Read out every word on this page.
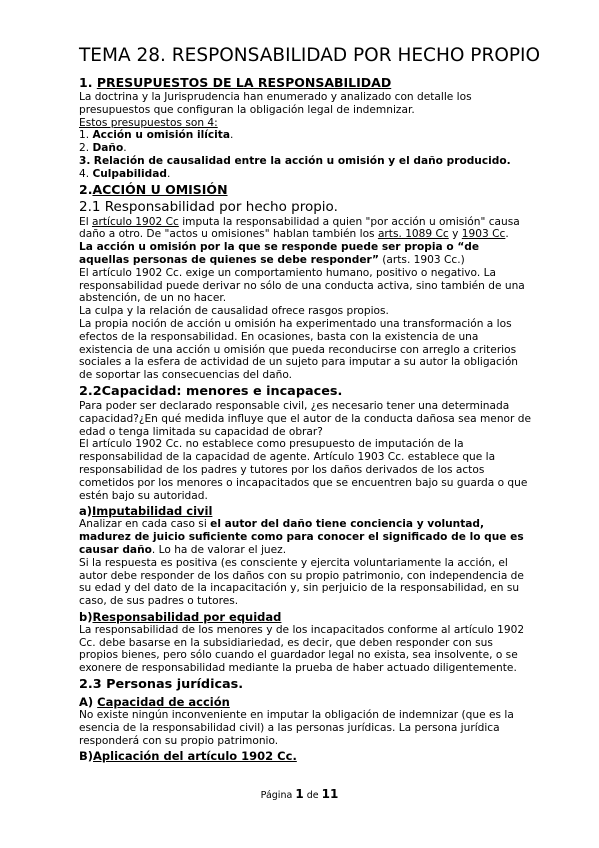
TEMA 28. RESPONSABILIDAD POR HECHO PROPIO
1. PRESUPUESTOS DE LA RESPONSABILIDAD

La doctrina y la Jurisprudencia han enumerado y analizado con detalle los presupuestos que configuran la obligación legal de indemnizar.

Estos presupuestos son 4:

1. Acción u omisión ilícita.

2. Daño.

3. Relación de causalidad entre la acción u omisión y el daño producido.

4. Culpabilidad.

2.ACCIÓN U OMISIÓN
2.1 Responsabilidad por hecho propio.

El artículo 1902 Cc imputa la responsabilidad a quien "por acción u omisión" causa daño a otro. De "actos u omisiones" hablan también los arts. 1089 Cc y 1903 Cc.

La acción u omisión por la que se responde puede ser propia o “de aquellas personas de quienes se debe responder” (arts. 1903 Cc.)

El artículo 1902 Cc. exige un comportamiento humano, positivo o negativo. La responsabilidad puede derivar no sólo de una conducta activa, sino también de una abstención, de un no hacer.

La culpa y la relación de causalidad ofrece rasgos propios.

La propia noción de acción u omisión ha experimentado una transformación a los efectos de la responsabilidad. En ocasiones, basta con la existencia de una existencia de una acción u omisión que pueda reconducirse con arreglo a criterios sociales a la esfera de actividad de un sujeto para imputar a su autor la obligación de soportar las consecuencias del daño.

2.2Capacidad: menores e incapaces.

Para poder ser declarado responsable civil, ¿es necesario tener una determinada capacidad?¿En qué medida influye que el autor de la conducta dañosa sea menor de edad o tenga limitada su capacidad de obrar?

El artículo 1902 Cc. no establece como presupuesto de imputación de la responsabilidad de la capacidad de agente. Artículo 1903 Cc. establece que la responsabilidad de los padres y tutores por los daños derivados de los actos cometidos por los menores o incapacitados que se encuentren bajo su guarda o que estén bajo su autoridad.

a)Imputabilidad civil

Analizar en cada caso si el autor del daño tiene conciencia y voluntad, madurez de juicio suficiente como para conocer el significado de lo que es causar daño. Lo ha de valorar el juez.

Si la respuesta es positiva (es consciente y ejercita voluntariamente la acción, el autor debe responder de los daños con su propio patrimonio, con independencia de su edad y del dato de la incapacitación y, sin perjuicio de la responsabilidad, en su caso, de sus padres o tutores.

b)Responsabilidad por equidad

La responsabilidad de los menores y de los incapacitados conforme al artículo 1902 Cc. debe basarse en la subsidiariedad, es decir, que deben responder con sus propios bienes, pero sólo cuando el guardador legal no exista, sea insolvente, o se exonere de responsabilidad mediante la prueba de haber actuado diligentemente.

2.3 Personas jurídicas.
A) Capacidad de acción

No existe ningún inconveniente en imputar la obligación de indemnizar (que es la esencia de la responsabilidad civil) a las personas jurídicas. La persona jurídica responderá con su propio patrimonio.

B)Aplicación del artículo 1902 Cc.
Página 1 de 11
